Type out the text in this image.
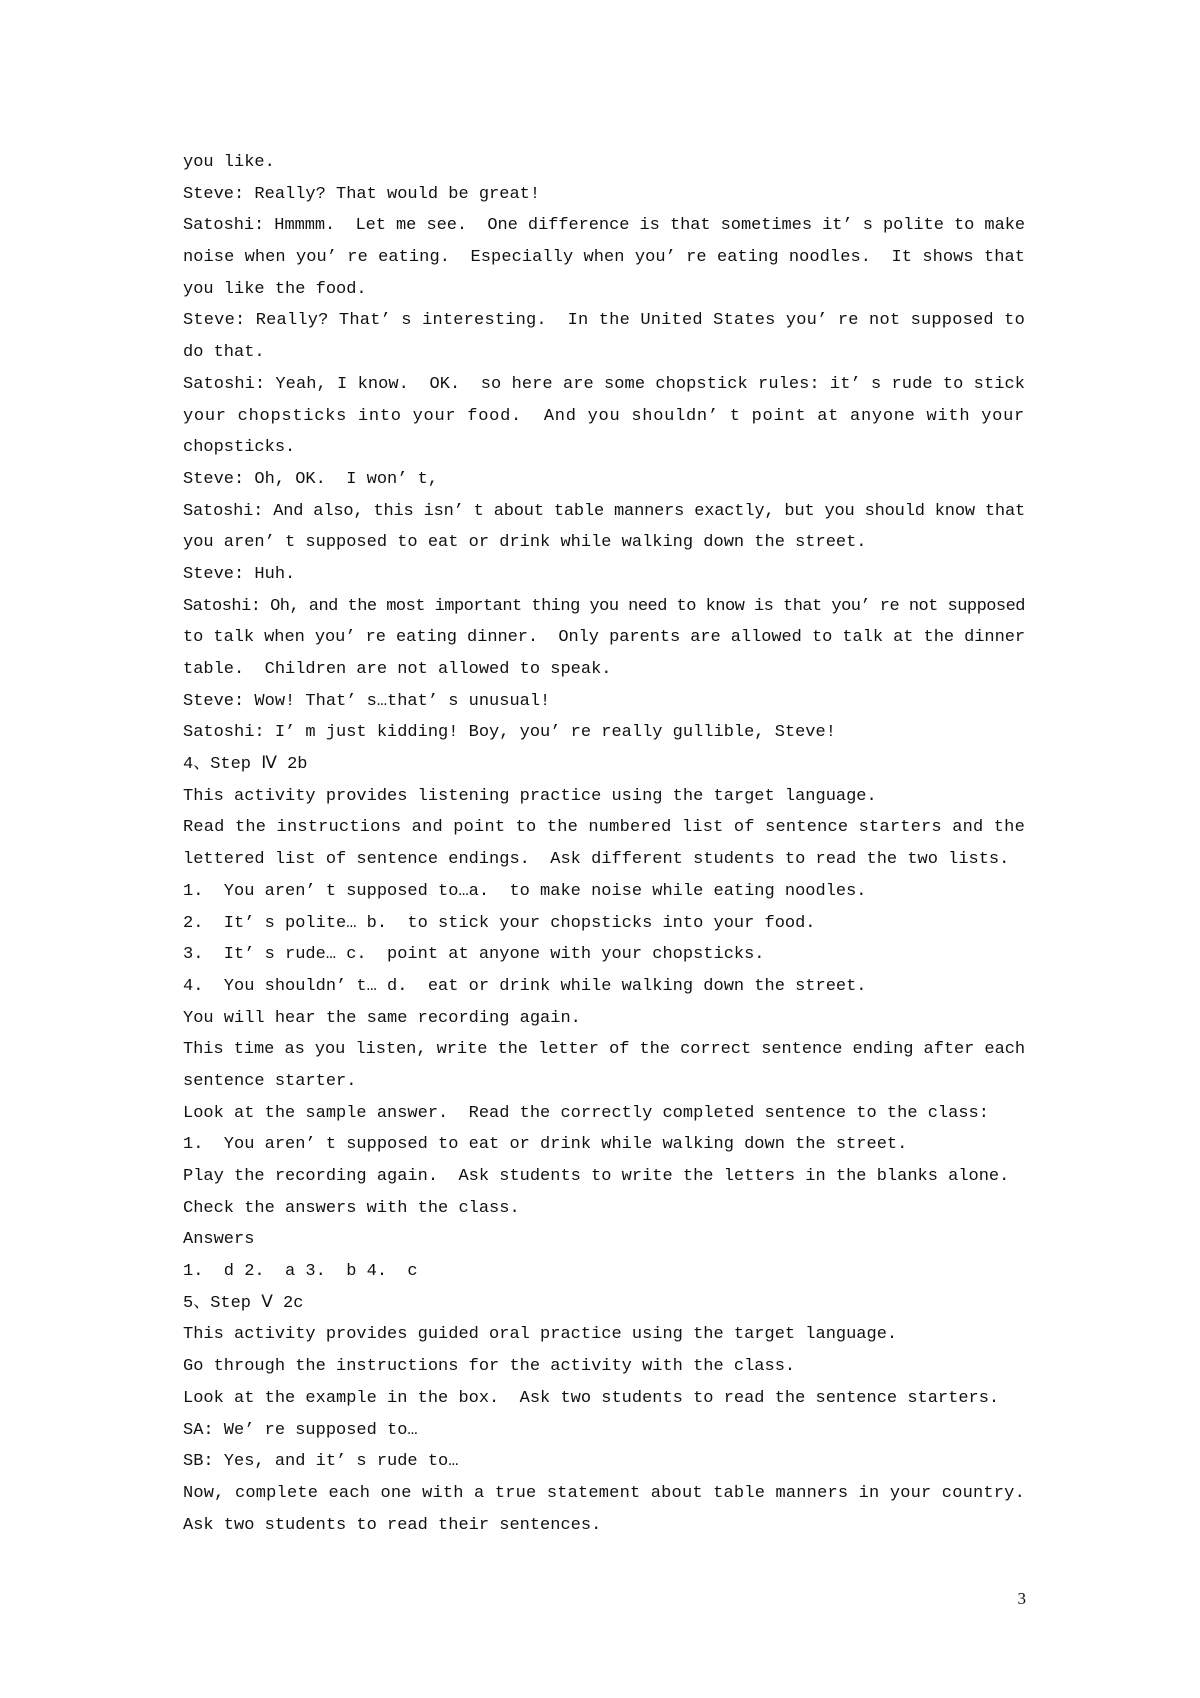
you like.
Steve: Really? That would be great!
Satoshi: Hmmmm.  Let me see.  One difference is that sometimes it’ s polite to make
noise when you’ re eating.  Especially when you’ re eating noodles.  It shows that
you like the food.
Steve: Really? That’ s interesting.  In the United States you’ re not supposed to
do that.
Satoshi: Yeah, I know.  OK.  so here are some chopstick rules: it’ s rude to stick
your chopsticks into your food.  And you shouldn’ t point at anyone with your
chopsticks.
Steve: Oh, OK.  I won’ t,
Satoshi: And also, this isn’ t about table manners exactly, but you should know that
you aren’ t supposed to eat or drink while walking down the street.
Steve: Huh.
Satoshi: Oh, and the most important thing you need to know is that you’ re not supposed
to talk when you’ re eating dinner.  Only parents are allowed to talk at the dinner
table.  Children are not allowed to speak.
Steve: Wow! That’ s…that’ s unusual!
Satoshi: I’ m just kidding! Boy, you’ re really gullible, Steve!
4、Step Ⅳ 2b
This activity provides listening practice using the target language.
Read the instructions and point to the numbered list of sentence starters and the
lettered list of sentence endings.  Ask different students to read the two lists.
1.  You aren’ t supposed to…a.  to make noise while eating noodles.
2.  It’ s polite… b.  to stick your chopsticks into your food.
3.  It’ s rude… c.  point at anyone with your chopsticks.
4.  You shouldn’ t… d.  eat or drink while walking down the street.
You will hear the same recording again.
This time as you listen, write the letter of the correct sentence ending after each
sentence starter.
Look at the sample answer.  Read the correctly completed sentence to the class:
1.  You aren’ t supposed to eat or drink while walking down the street.
Play the recording again.  Ask students to write the letters in the blanks alone.
Check the answers with the class.
Answers
1.  d 2.  a 3.  b 4.  c
5、Step Ⅴ 2c
This activity provides guided oral practice using the target language.
Go through the instructions for the activity with the class.
Look at the example in the box.  Ask two students to read the sentence starters.
SA: We’ re supposed to…
SB: Yes, and it’ s rude to…
Now, complete each one with a true statement about table manners in your country.
Ask two students to read their sentences.
3
